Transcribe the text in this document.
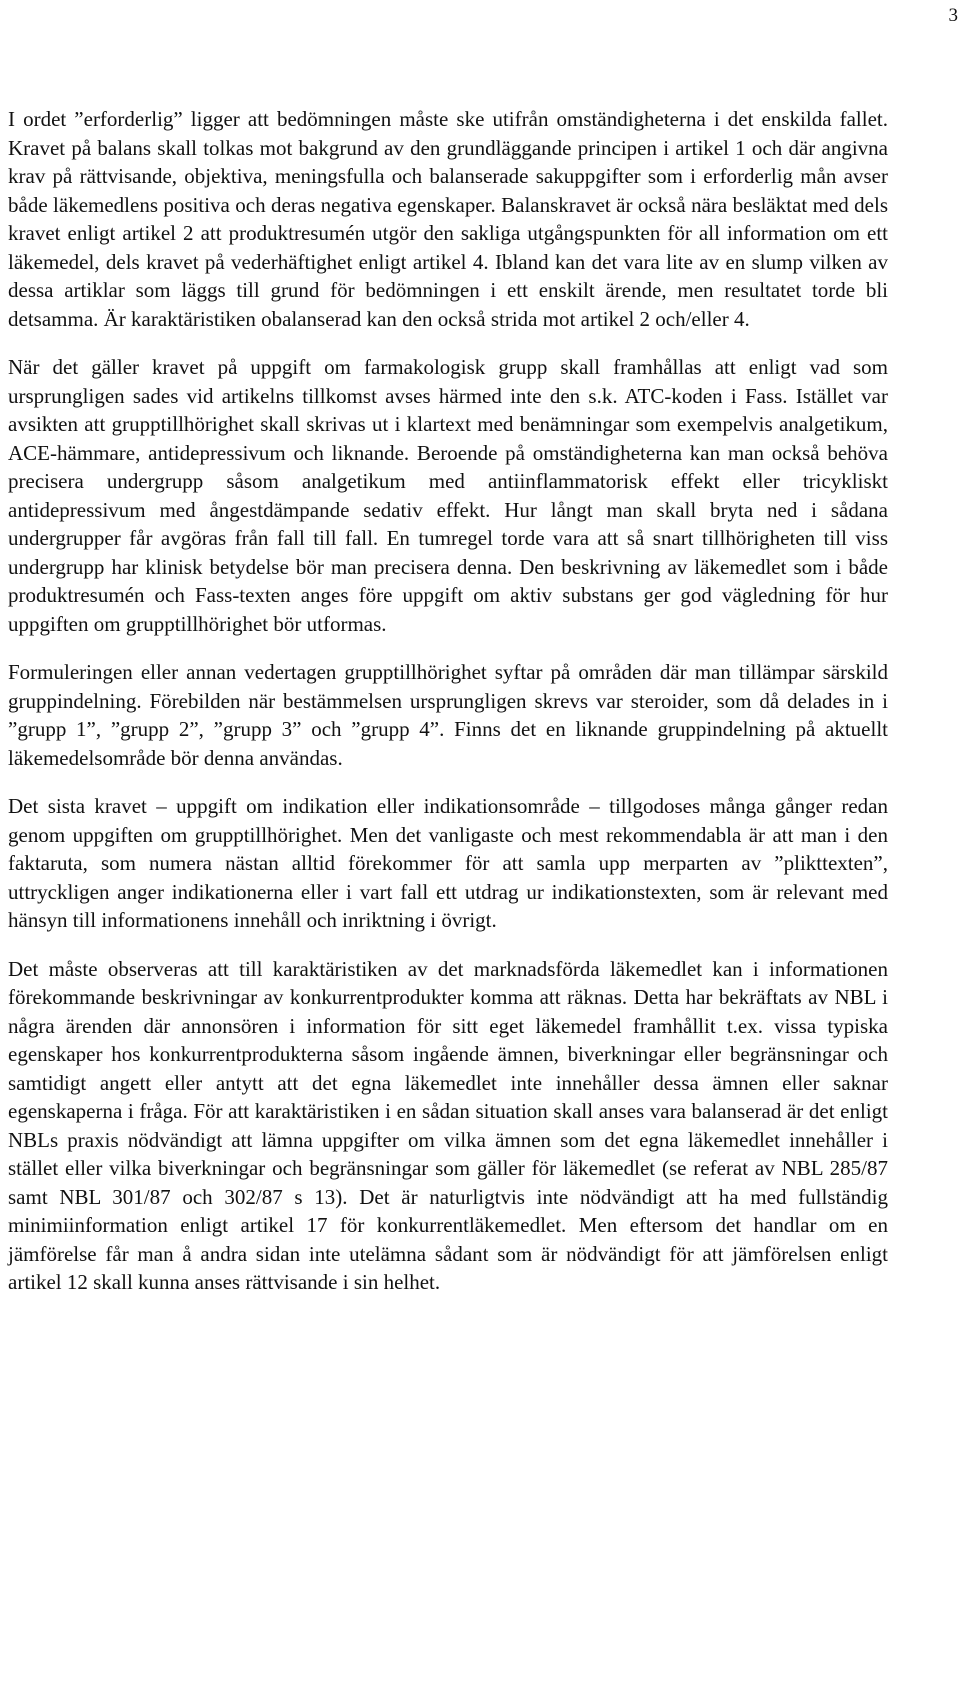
3

I ordet ”erforderlig” ligger att bedömningen måste ske utifrån omständigheterna i det enskilda fallet. Kravet på balans skall tolkas mot bakgrund av den grundläggande principen i artikel 1 och där angivna krav på rättvisande, objektiva, meningsfulla och balanserade sakuppgifter som i erforderlig mån avser både läkemedlens positiva och deras negativa egenskaper. Balanskravet är också nära besläktat med dels kravet enligt artikel 2 att produktresumén utgör den sakliga utgångspunkten för all information om ett läkemedel, dels kravet på vederhäftighet enligt artikel 4. Ibland kan det vara lite av en slump vilken av dessa artiklar som läggs till grund för bedömningen i ett enskilt ärende, men resultatet torde bli detsamma. Är karaktäristiken obalanserad kan den också strida mot artikel 2 och/eller 4.

När det gäller kravet på uppgift om farmakologisk grupp skall framhållas att enligt vad som ursprungligen sades vid artikelns tillkomst avses härmed inte den s.k. ATC-koden i Fass. Istället var avsikten att grupptillhörighet skall skrivas ut i klartext med benämningar som exempelvis analgetikum, ACE-hämmare, antidepressivum och liknande. Beroende på omständigheterna kan man också behöva precisera undergrupp såsom analgetikum med antiinflammatorisk effekt eller tricykliskt antidepressivum med ångestdämpande sedativ effekt. Hur långt man skall bryta ned i sådana undergrupper får avgöras från fall till fall. En tumregel torde vara att så snart tillhörigheten till viss undergrupp har klinisk betydelse bör man precisera denna. Den beskrivning av läkemedlet som i både produktresumén och Fass-texten anges före uppgift om aktiv substans ger god vägledning för hur uppgiften om grupptillhörighet bör utformas.

Formuleringen eller annan vedertagen grupptillhörighet syftar på områden där man tillämpar särskild gruppindelning. Förebilden när bestämmelsen ursprungligen skrevs var steroider, som då delades in i ”grupp 1”, ”grupp 2”, ”grupp 3” och ”grupp 4”. Finns det en liknande gruppindelning på aktuellt läkemedelsområde bör denna användas.

Det sista kravet – uppgift om indikation eller indikationsområde – tillgodoses många gånger redan genom uppgiften om grupptillhörighet. Men det vanligaste och mest rekommendabla är att man i den faktaruta, som numera nästan alltid förekommer för att samla upp merparten av ”plikttexten”, uttryckligen anger indikationerna eller i vart fall ett utdrag ur indikationstexten, som är relevant med hänsyn till informationens innehåll och inriktning i övrigt.

Det måste observeras att till karaktäristiken av det marknadsförda läkemedlet kan i informationen förekommande beskrivningar av konkurrentprodukter komma att räknas. Detta har bekräftats av NBL i några ärenden där annonsören i information för sitt eget läkemedel framhållit t.ex. vissa typiska egenskaper hos konkurrentprodukterna såsom ingående ämnen, biverkningar eller begränsningar och samtidigt angett eller antytt att det egna läkemedlet inte innehåller dessa ämnen eller saknar egenskaperna i fråga. För att karaktäristiken i en sådan situation skall anses vara balanserad är det enligt NBLs praxis nödvändigt att lämna uppgifter om vilka ämnen som det egna läkemedlet innehåller i stället eller vilka biverkningar och begränsningar som gäller för läkemedlet (se referat av NBL 285/87 samt NBL 301/87 och 302/87 s 13). Det är naturligtvis inte nödvändigt att ha med fullständig minimiinformation enligt artikel 17 för konkurrentläkemedlet. Men eftersom det handlar om en jämförelse får man å andra sidan inte utelämna sådant som är nödvändigt för att jämförelsen enligt artikel 12 skall kunna anses rättvisande i sin helhet.
